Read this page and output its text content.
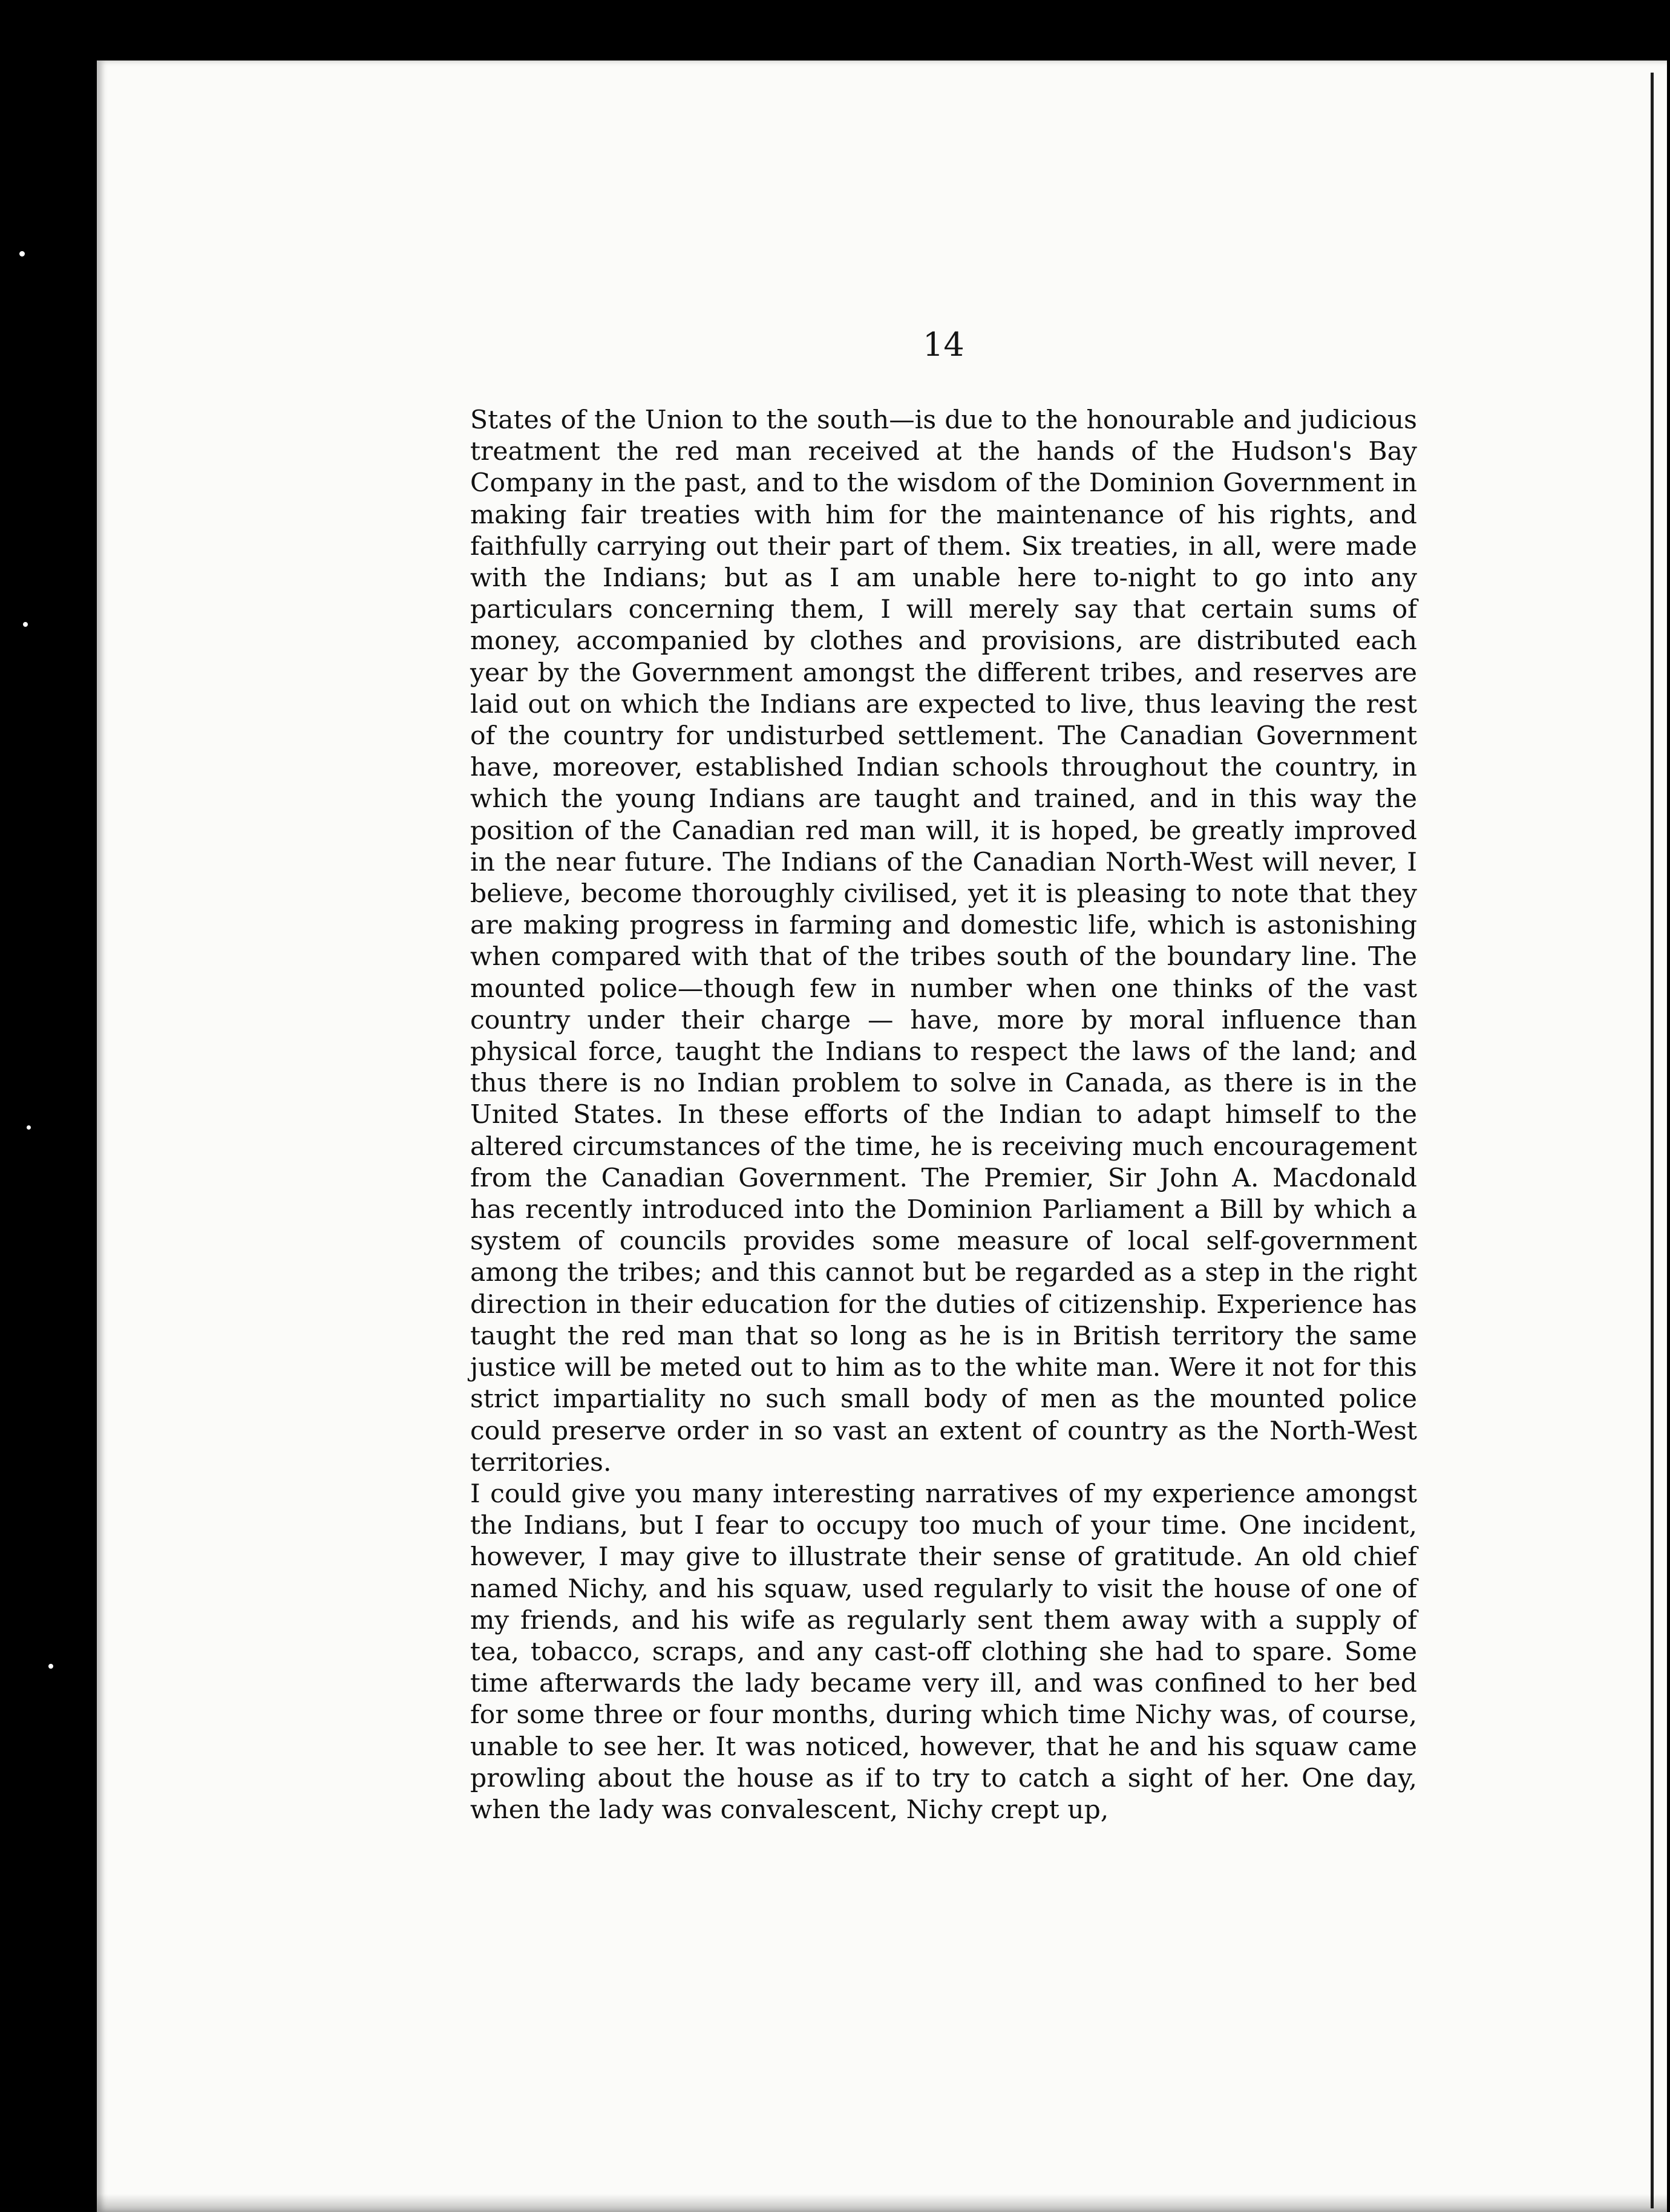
14

States of the Union to the south—is due to the honourable and judicious treatment the red man received at the hands of the Hudson's Bay Company in the past, and to the wisdom of the Dominion Government in making fair treaties with him for the maintenance of his rights, and faithfully carrying out their part of them. Six treaties, in all, were made with the Indians; but as I am unable here to-night to go into any particulars concerning them, I will merely say that certain sums of money, accompanied by clothes and provisions, are distributed each year by the Government amongst the different tribes, and reserves are laid out on which the Indians are expected to live, thus leaving the rest of the country for undisturbed settlement. The Canadian Government have, moreover, established Indian schools throughout the country, in which the young Indians are taught and trained, and in this way the position of the Canadian red man will, it is hoped, be greatly improved in the near future. The Indians of the Canadian North-West will never, I believe, become thoroughly civilised, yet it is pleasing to note that they are making progress in farming and domestic life, which is astonishing when compared with that of the tribes south of the boundary line. The mounted police—though few in number when one thinks of the vast country under their charge — have, more by moral influence than physical force, taught the Indians to respect the laws of the land; and thus there is no Indian problem to solve in Canada, as there is in the United States. In these efforts of the Indian to adapt himself to the altered circumstances of the time, he is receiving much encouragement from the Canadian Government. The Premier, Sir John A. Macdonald has recently introduced into the Dominion Parliament a Bill by which a system of councils provides some measure of local self-government among the tribes; and this cannot but be regarded as a step in the right direction in their education for the duties of citizenship. Experience has taught the red man that so long as he is in British territory the same justice will be meted out to him as to the white man. Were it not for this strict impartiality no such small body of men as the mounted police could preserve order in so vast an extent of country as the North-West territories.

I could give you many interesting narratives of my experience amongst the Indians, but I fear to occupy too much of your time. One incident, however, I may give to illustrate their sense of gratitude. An old chief named Nichy, and his squaw, used regularly to visit the house of one of my friends, and his wife as regularly sent them away with a supply of tea, tobacco, scraps, and any cast-off clothing she had to spare. Some time afterwards the lady became very ill, and was confined to her bed for some three or four months, during which time Nichy was, of course, unable to see her. It was noticed, however, that he and his squaw came prowling about the house as if to try to catch a sight of her. One day, when the lady was convalescent, Nichy crept up,
